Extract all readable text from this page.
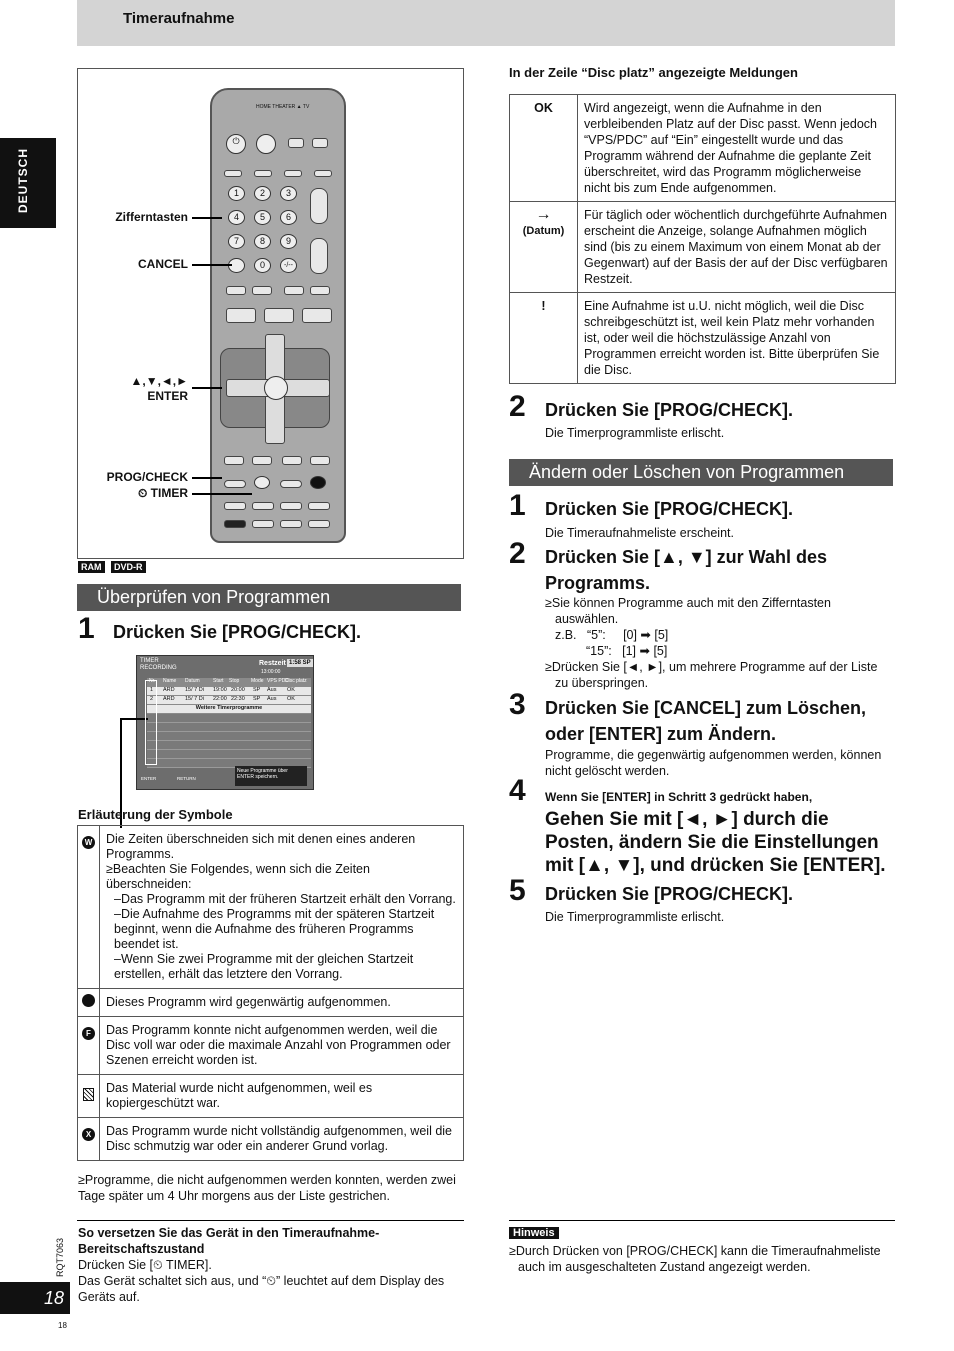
Timeraufnahme
DEUTSCH
HOME THEATER ▲ TV
⏻
1	2	3
4	5	6
7	8	9
0	-/--
Zifferntasten
CANCEL
▲,▼,◄,►
ENTER
PROG/CHECK
⏲ TIMER
RAM	DVD-R
Überprüfen von Programmen
1 Drücken Sie [PROG/CHECK].
TIMER
RECORDING
Restzeit 1:58 SP
13:00:00
Nr. Name Datum	Start Stop Mode VPS PDC
Disc platz
1 ARD 15/ 7 Di 19:00 20:00 SP Aus OK
2 ARD 15/ 7 Di 22:00 22:30 SP Aus OK
Weitere Timerprogramme
ENTER	RETURN
Neue Programme über ENTER speichern.
Erläuterung der Symbole
W	Die Zeiten überschneiden sich mit denen eines anderen Programms.
≥Beachten Sie Folgendes, wenn sich die Zeiten überschneiden:
–Das Programm mit der früheren Startzeit erhält den Vorrang.
–Die Aufnahme des Programms mit der späteren Startzeit beginnt, wenn die Aufnahme des früheren Programms beendet ist.
–Wenn Sie zwei Programme mit der gleichen Startzeit erstellen, erhält das letztere den Vorrang.

	Dieses Programm wird gegenwärtig aufgenommen.
F	Das Programm konnte nicht aufgenommen werden, weil die Disc voll war oder die maximale Anzahl von Programmen oder Szenen erreicht worden ist.
	Das Material wurde nicht aufgenommen, weil es kopiergeschützt war.
X	Das Programm wurde nicht vollständig aufgenommen, weil die Disc schmutzig war oder ein anderer Grund vorlag.
≥Programme, die nicht aufgenommen werden konnten, werden zwei Tage später um 4 Uhr morgens aus der Liste gestrichen.
In der Zeile “Disc platz” angezeigte Meldungen
OK	Wird angezeigt, wenn die Aufnahme in den verbleibenden Platz auf der Disc passt. Wenn jedoch “VPS/PDC” auf “Ein” eingestellt wurde und das Programm während der Aufnahme die geplante Zeit überschreitet, wird das Programm möglicherweise nicht bis zum Ende aufgenommen.

→
(Datum)	Für täglich oder wöchentlich durchgeführte Aufnahmen erscheint die Anzeige, solange Aufnahmen möglich sind (bis zu einem Maximum von einem Monat ab der Gegenwart) auf der Basis der auf der Disc verfügbaren Restzeit.
!	Eine Aufnahme ist u.U. nicht möglich, weil die Disc schreibgeschützt ist, weil kein Platz mehr vorhanden ist, oder weil die höchstzulässige Anzahl von Programmen erreicht worden ist. Bitte überprüfen Sie die Disc.
2 Drücken Sie [PROG/CHECK].
Die Timerprogrammliste erlischt.
Ändern oder Löschen von Programmen
1 Drücken Sie [PROG/CHECK].
Die Timeraufnahmeliste erscheint.
2 Drücken Sie [▲, ▼] zur Wahl des
Programms.
≥Sie können Programme auch mit den Zifferntasten
auswählen.
z.B.   “5”:     [0] ➡ [5]
“15”:   [1] ➡ [5]
≥Drücken Sie [◄, ►], um mehrere Programme auf der Liste
zu überspringen.
3 Drücken Sie [CANCEL] zum Löschen,
oder [ENTER] zum Ändern.
Programme, die gegenwärtig aufgenommen werden, können
nicht gelöscht werden.
4 Wenn Sie [ENTER] in Schritt 3 gedrückt haben,
Gehen Sie mit [◄, ►] durch die
Posten, ändern Sie die Einstellungen
mit [▲, ▼], und drücken Sie [ENTER].
5 Drücken Sie [PROG/CHECK].
Die Timerprogrammliste erlischt.
So versetzen Sie das Gerät in den Timeraufnahme-
Bereitschaftszustand
Drücken Sie [⏲ TIMER].
Das Gerät schaltet sich aus, und “⏲” leuchtet auf dem Display des
Geräts auf.
Hinweis
≥Durch Drücken von [PROG/CHECK] kann die Timeraufnahmeliste
auch im ausgeschalteten Zustand angezeigt werden.
RQT7063
18
18
